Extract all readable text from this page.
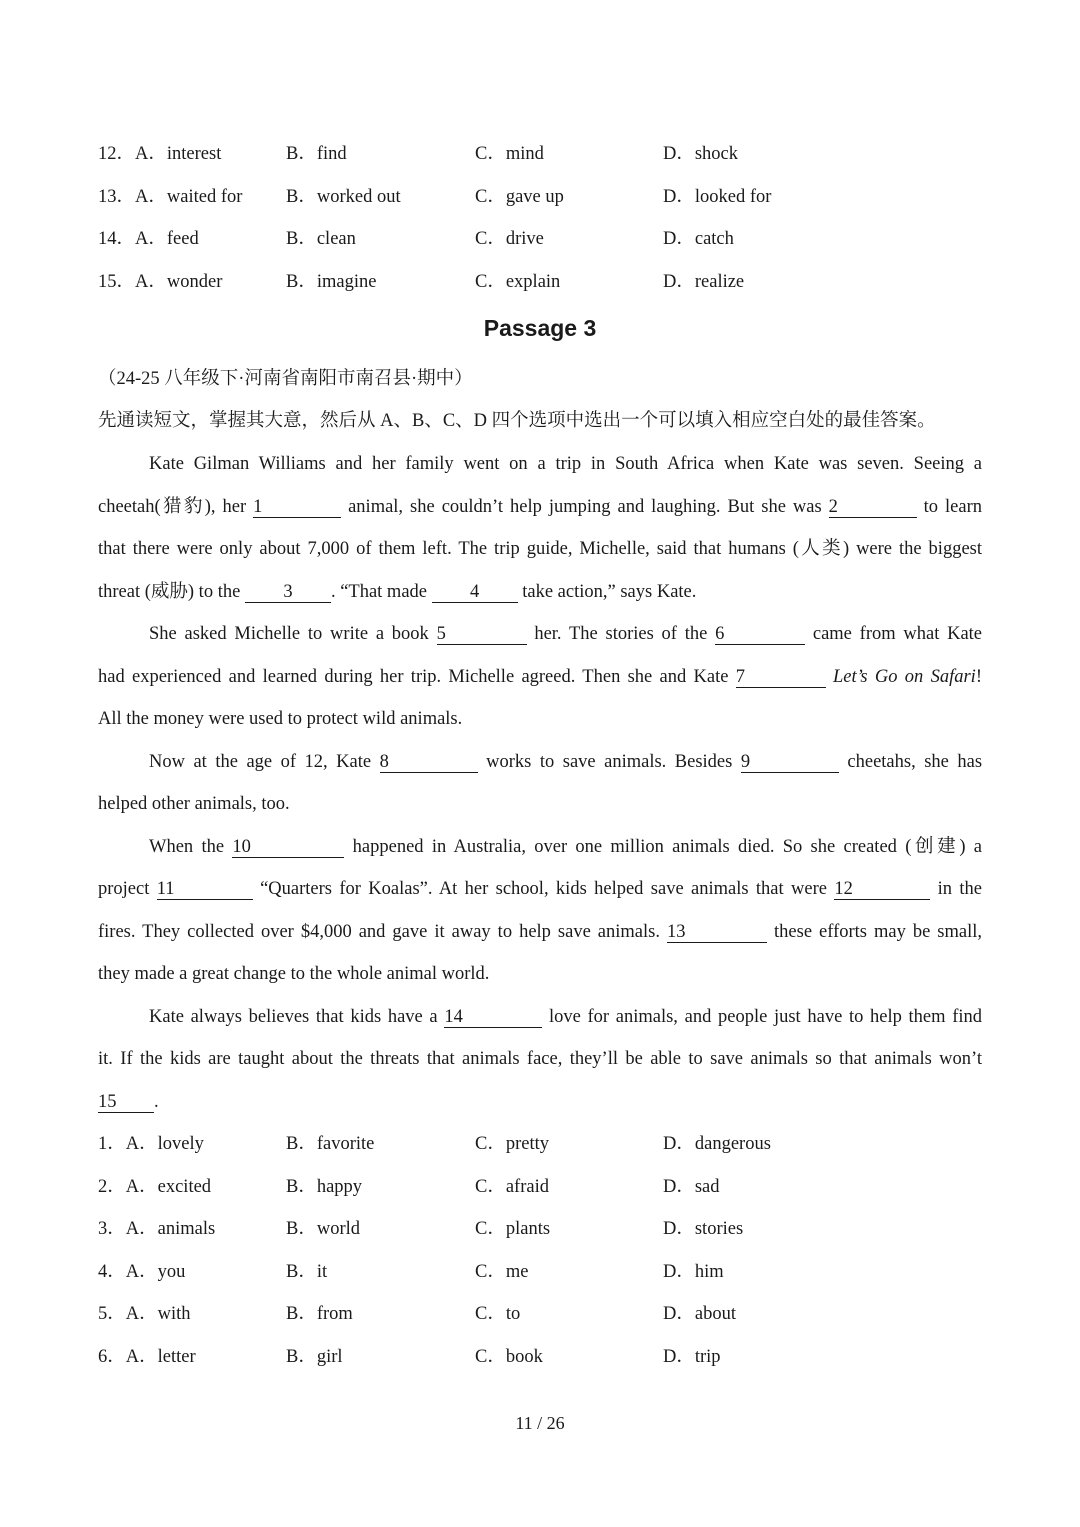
12．A．interest	B．find	C．mind	D．shock
13．A．waited for B．worked out	C．gave up	D．looked for
14．A．feed	B．clean	C．drive	D．catch
15．A．wonder	B．imagine	C．explain	D．realize
Passage 3
（24-25 八年级下·河南省南阳市南召县·期中）
先通读短文，掌握其大意，然后从 A、B、C、D 四个选项中选出一个可以填入相应空白处的最佳答案。
Kate Gilman Williams and her family went on a trip in South Africa when Kate was seven. Seeing a
cheetah(猎豹), her 1	animal, she couldn’t help jumping and laughing. But she was 2	to learn
that there were only about 7,000 of them left. The trip guide, Michelle, said that humans (人类) were the biggest
threat (威胁) to the 3 . “That made 4 take action,” says Kate.
She asked Michelle to write a book 5	her. The stories of the 6	came from what Kate
had experienced and learned during her trip. Michelle agreed. Then she and Kate 7	Let’s Go on Safari!
All the money were used to protect wild animals.
Now at the age of 12, Kate 8	works to save animals. Besides 9	cheetahs, she has
helped other animals, too.
When the 10	happened in Australia, over one million animals died. So she created (创建) a
project 11	“Quarters for Koalas”. At her school, kids helped save animals that were 12	in the
fires. They collected over $4,000 and gave it away to help save animals. 13	these efforts may be small,
they made a great change to the whole animal world.
Kate always believes that kids have a 14	love for animals, and people just have to help them find
it. If the kids are taught about the threats that animals face, they’ll be able to save animals so that animals won’t
15 .
1．A．lovely	B．favorite	C．pretty	D．dangerous
2．A．excited	B．happy	C．afraid	D．sad
3．A．animals	B．world	C．plants	D．stories
4．A．you	B．it	C．me	D．him
5．A．with	B．from	C．to	D．about
6．A．letter	B．girl	C．book	D．trip
11 / 26
